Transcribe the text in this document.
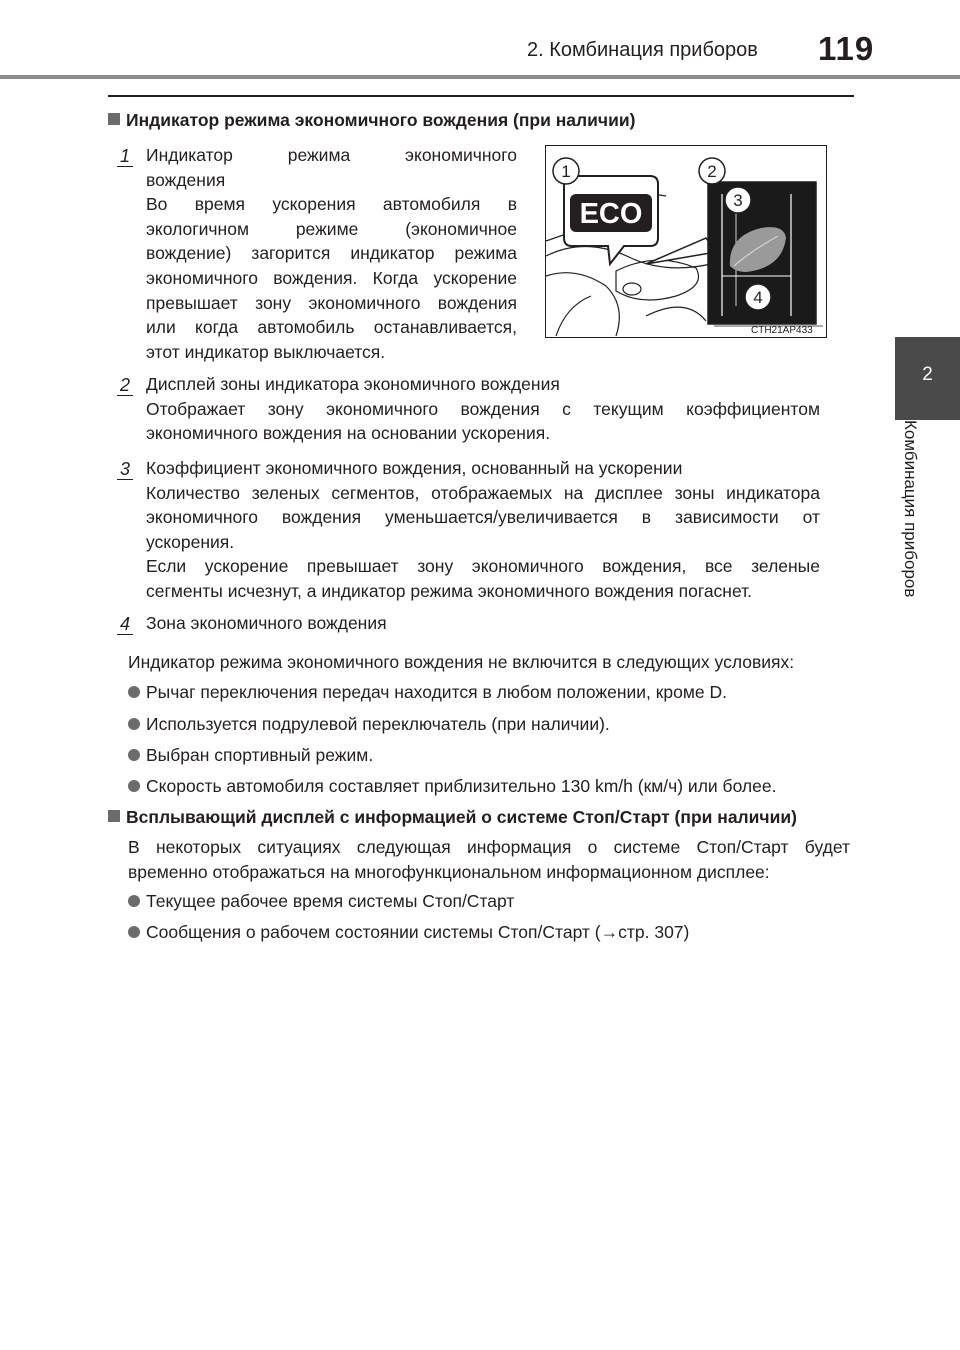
2. Комбинация приборов 119
2
Комбинация приборов
Индикатор режима экономичного вождения (при наличии)
1 Индикатор режима экономичного
вождения
Во время ускорения автомобиля в
экологичном режиме (экономичное
вождение) загорится индикатор режима
экономичного вождения. Когда ускорение
превышает зону экономичного вождения
или когда автомобиль останавливается,
этот индикатор выключается.
ECO
1	2
3
4
CTH21AP433
2 Дисплей зоны индикатора экономичного вождения
Отображает зону экономичного вождения с текущим коэффициентом
экономичного вождения на основании ускорения.
3 Коэффициент экономичного вождения, основанный на ускорении
Количество зеленых сегментов, отображаемых на дисплее зоны индикатора
экономичного вождения уменьшается/увеличивается в зависимости от
ускорения.
Если ускорение превышает зону экономичного вождения, все зеленые
сегменты исчезнут, а индикатор режима экономичного вождения погаснет.
4 Зона экономичного вождения
Индикатор режима экономичного вождения не включится в следующих условиях:
Рычаг переключения передач находится в любом положении, кроме D.
Используется подрулевой переключатель (при наличии).
Выбран спортивный режим.
Скорость автомобиля составляет приблизительно 130 km/h (км/ч) или более.
Всплывающий дисплей с информацией о системе Стоп/Старт (при наличии)
В некоторых ситуациях следующая информация о системе Стоп/Старт будет
временно отображаться на многофункциональном информационном дисплее:
Текущее рабочее время системы Стоп/Старт
Сообщения о рабочем состоянии системы Стоп/Старт (→стр. 307)
